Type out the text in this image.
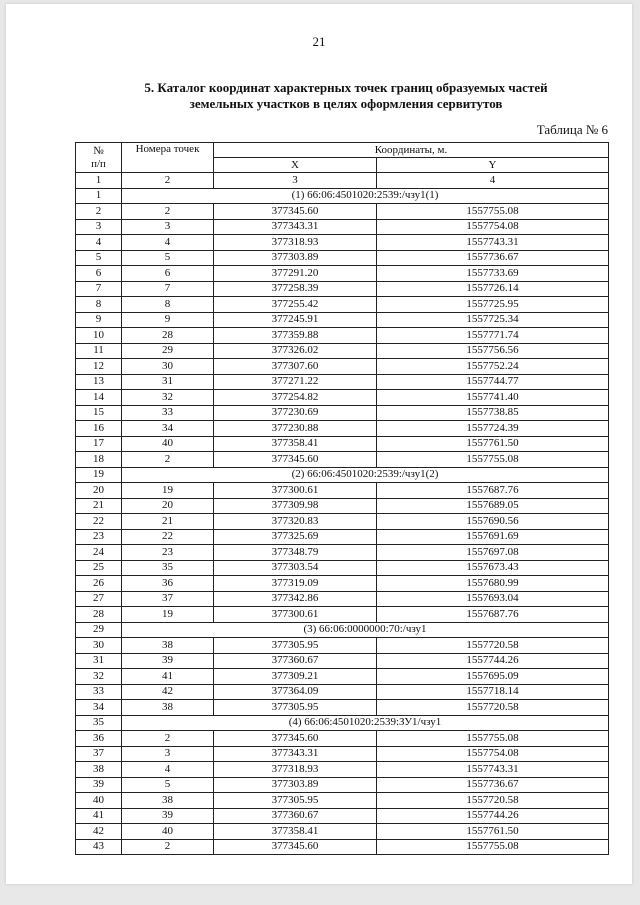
21
5. Каталог координат характерных точек границ образуемых частей
земельных участков в целях оформления сервитутов
Таблица № 6
№
п/п	Номера точек	Координаты, м.	
		X	Y
1	2	3	4
1	(1) 66:06:4501020:2539:/чзу1(1)		
2	2	377345.60	1557755.08
3	3	377343.31	1557754.08
4	4	377318.93	1557743.31
5	5	377303.89	1557736.67
6	6	377291.20	1557733.69
7	7	377258.39	1557726.14
8	8	377255.42	1557725.95
9	9	377245.91	1557725.34
10	28	377359.88	1557771.74
11	29	377326.02	1557756.56
12	30	377307.60	1557752.24
13	31	377271.22	1557744.77
14	32	377254.82	1557741.40
15	33	377230.69	1557738.85
16	34	377230.88	1557724.39
17	40	377358.41	1557761.50
18	2	377345.60	1557755.08
19	(2) 66:06:4501020:2539:/чзу1(2)		
20	19	377300.61	1557687.76
21	20	377309.98	1557689.05
22	21	377320.83	1557690.56
23	22	377325.69	1557691.69
24	23	377348.79	1557697.08
25	35	377303.54	1557673.43
26	36	377319.09	1557680.99
27	37	377342.86	1557693.04
28	19	377300.61	1557687.76
29	(3) 66:06:0000000:70:/чзу1		
30	38	377305.95	1557720.58
31	39	377360.67	1557744.26
32	41	377309.21	1557695.09
33	42	377364.09	1557718.14
34	38	377305.95	1557720.58
35	(4) 66:06:4501020:2539:ЗУ1/чзу1		
36	2	377345.60	1557755.08
37	3	377343.31	1557754.08
38	4	377318.93	1557743.31
39	5	377303.89	1557736.67
40	38	377305.95	1557720.58
41	39	377360.67	1557744.26
42	40	377358.41	1557761.50
43	2	377345.60	1557755.08
